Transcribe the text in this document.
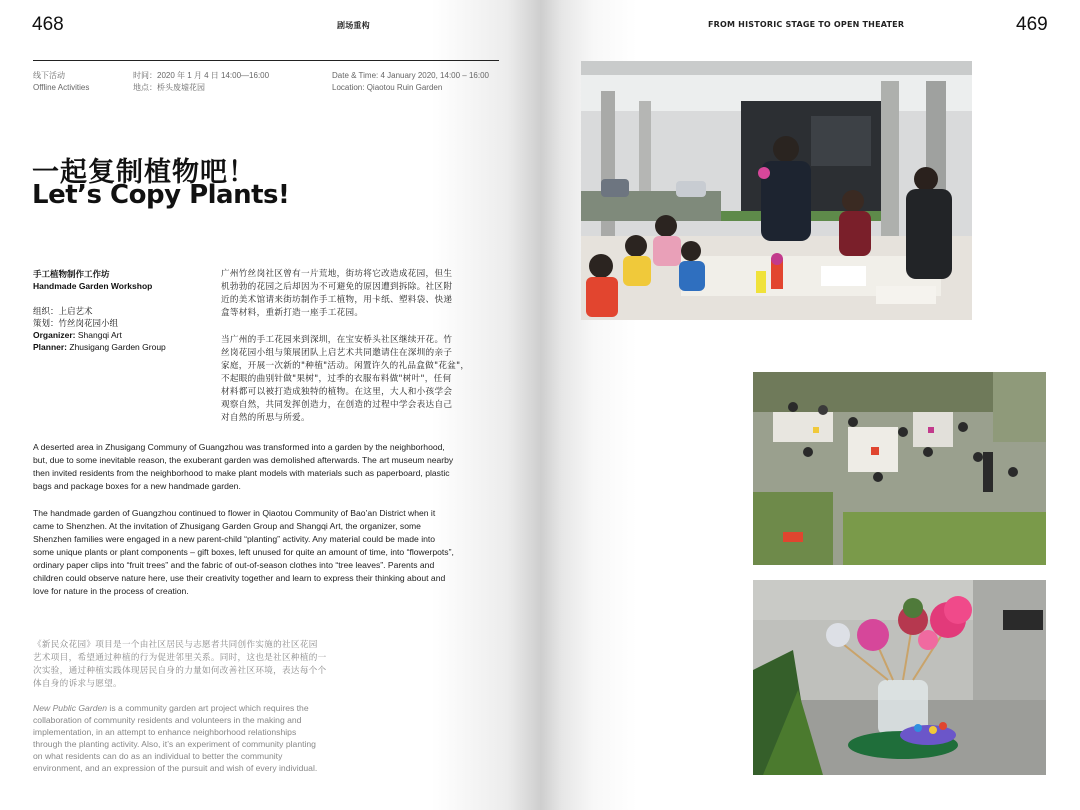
468	剧场重构
线下活动
Offline Activities
时间：2020 年 1 月 4 日 14:00—16:00
地点：桥头废墟花园
Date & Time: 4 January 2020, 14:00 – 16:00
Location: Qiaotou Ruin Garden
一起复制植物吧！
Let’s Copy Plants!
手工植物制作工作坊
Handmade Garden Workshop
组织：上启艺术
策划：竹丝岗花园小组
Organizer: Shangqi Art
Planner: Zhusigang Garden Group
广州竹丝岗社区曾有一片荒地，街坊将它改造成花园，但生
机勃勃的花园之后却因为不可避免的原因遭到拆除。社区附
近的美术馆请来街坊制作手工植物，用卡纸、塑料袋、快递
盒等材料，重新打造一座手工花园。
当广州的手工花园来到深圳，在宝安桥头社区继续开花。竹
丝岗花园小组与策展团队上启艺术共同邀请住在深圳的亲子
家庭，开展一次新的"种植"活动。闲置许久的礼品盒做"花盆"，
不起眼的曲别针做"果树"，过季的衣服布料做"树叶"，任何
材料都可以被打造成独特的植物。在这里，大人和小孩学会
观察自然，共同发挥创造力，在创造的过程中学会表达自己
对自然的所思与所爱。
A deserted area in Zhusigang Communy of Guangzhou was transformed into a garden by the neighborhood,
but, due to some inevitable reason, the exuberant garden was demolished afterwards. The art museum nearby
then invited residents from the neighborhood to make plant models with materials such as paperboard, plastic
bags and package boxes for a new handmade garden.
The handmade garden of Guangzhou continued to flower in Qiaotou Community of Bao’an District when it
came to Shenzhen. At the invitation of Zhusigang Garden Group and Shangqi Art, the organizer, some
Shenzhen families were engaged in a new parent-child “planting” activity. Any material could be made into
some unique plants or plant components – gift boxes, left unused for quite an amount of time, into “flowerpots”,
ordinary paper clips into “fruit trees” and the fabric of out-of-season clothes into “tree leaves”. Parents and
children could observe nature here, use their creativity together and learn to express their thinking about and
love for nature in the process of creation.
《新民众花园》项目是一个由社区居民与志愿者共同创作实施的社区花园
艺术项目，希望通过种植的行为促进邻里关系。同时，这也是社区种植的一
次实验，通过种植实践体现居民自身的力量如何改善社区环境，表达每个个
体自身的诉求与愿望。
New Public Garden is a community garden art project which requires the
collaboration of community residents and volunteers in the making and
implementation, in an attempt to enhance neighborhood relationships
through the planting activity. Also, it’s an experiment of community planting
on what residents can do as an individual to better the community
environment, and an expression of the pursuit and wish of every individual.
FROM HISTORIC STAGE TO OPEN THEATER	469
